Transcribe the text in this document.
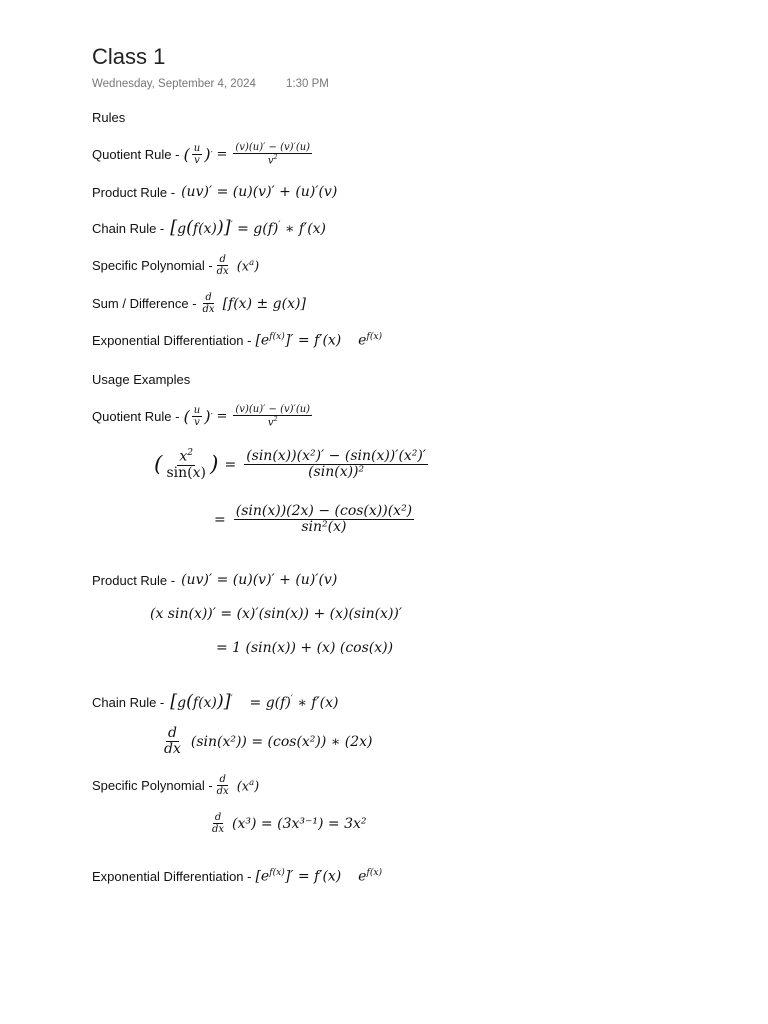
Class 1
Wednesday, September 4, 2024	1:30 PM
Rules
Quotient Rule - ( $\frac{u}{v}$ ) ′ = $\frac{(v)(u)' - (v)'(u)}{v^2}$
Product Rule - (uv)′ = (u)(v)′ + (u)′(v)
Chain Rule - [g(f(x))]′ = g(f)′ ∗ f′(x)
Specific Polynomial - $\frac{d}{dx} (x^a)$
Sum / Difference - $\frac{d}{dx} [f(x) \pm g(x)]$
Exponential Differentiation - $[e^{f(x)}]' = f'(x)$  $e^{f(x)}$
Usage Examples
Quotient Rule - ( $\frac{u}{v}$ ) ′ = $\frac{(v)(u)' - (v)'(u)}{v^2}$
( $\frac{x^2}{\sin(x)}$ ) = $\frac{\text{(sin(x))(x²)′ − (sin(x))′(x²)′}}{\text{(sin(x))²}}$
= $\frac{\text{(sin(x))(2x) − (cos(x))(x²)}}{\text{sin²(x)}}$
Product Rule - (uv)′ = (u)(v)′ + (u)′(v)
(x sin(x))′ = (x)′(sin(x)) + (x)(sin(x))′
= 1 (sin(x)) + (x) (cos(x))
Chain Rule - [g(f(x))]′  = g(f)′ ∗ f′(x)
$\frac{d}{dx} (\sin(x^2)) = (\cos(x^2))$ ∗ (2x)
Specific Polynomial - $\frac{d}{dx} (x^a)$
$\frac{d}{dx} (x^3) = (3x^{3-1}) = 3x^2$
Exponential Differentiation - $[e^{f(x)}]' = f'(x)$  $e^{f(x)}$
